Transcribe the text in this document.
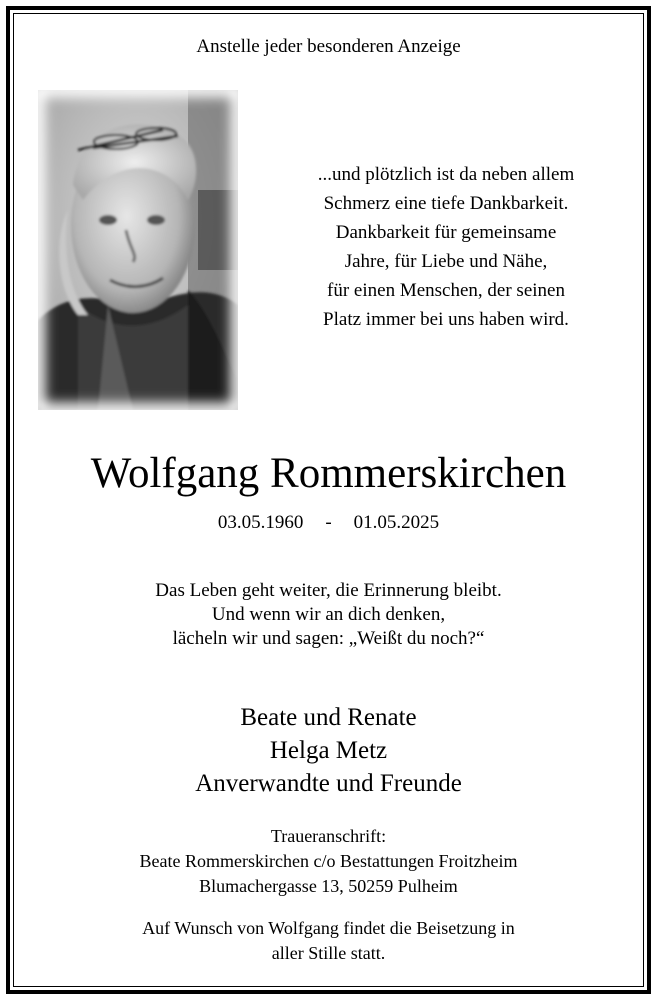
Anstelle jeder besonderen Anzeige
...und plötzlich ist da neben allem
Schmerz eine tiefe Dankbarkeit.
Dankbarkeit für gemeinsame
Jahre, für Liebe und Nähe,
für einen Menschen, der seinen
Platz immer bei uns haben wird.
Wolfgang Rommerskirchen
03.05.1960 - 01.05.2025
Das Leben geht weiter, die Erinnerung bleibt.
Und wenn wir an dich denken,
lächeln wir und sagen: „Weißt du noch?“
Beate und Renate
Helga Metz
Anverwandte und Freunde
Traueranschrift:
Beate Rommerskirchen c/o Bestattungen Froitzheim
Blumachergasse 13, 50259 Pulheim
Auf Wunsch von Wolfgang findet die Beisetzung in
aller Stille statt.
